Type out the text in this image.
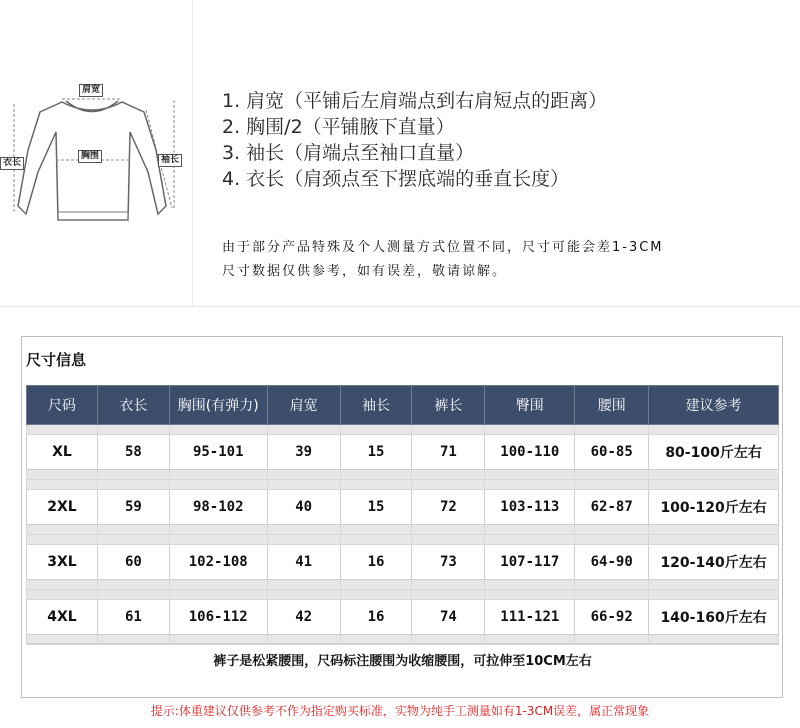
肩宽
胸围	袖长
衣长
1. 肩宽（平铺后左肩端点到右肩短点的距离）
2. 胸围/2（平铺腋下直量）
3. 袖长（肩端点至袖口直量）
4. 衣长（肩颈点至下摆底端的垂直长度）
由于部分产品特殊及个人测量方式位置不同，尺寸可能会差1-3CM
尺寸数据仅供参考，如有误差，敬请谅解。
尺寸信息
尺码	衣长	胸围(有弹力)	肩宽	袖长	裤长	臀围	腰围	建议参考

XL	58	95-101	39	15	71	100-110	60-85	80-100斤左右

2XL	59	98-102	40	15	72	103-113	62-87	100-120斤左右

3XL	60	102-108	41	16	73	107-117	64-90	120-140斤左右

4XL	61	106-112	42	16	74	111-121	66-92	140-160斤左右

裤子是松紧腰围，尺码标注腰围为收缩腰围，可拉伸至10CM左右
提示:体重建议仅供参考不作为指定购买标准，实物为纯手工测量如有1-3CM误差，属正常现象
